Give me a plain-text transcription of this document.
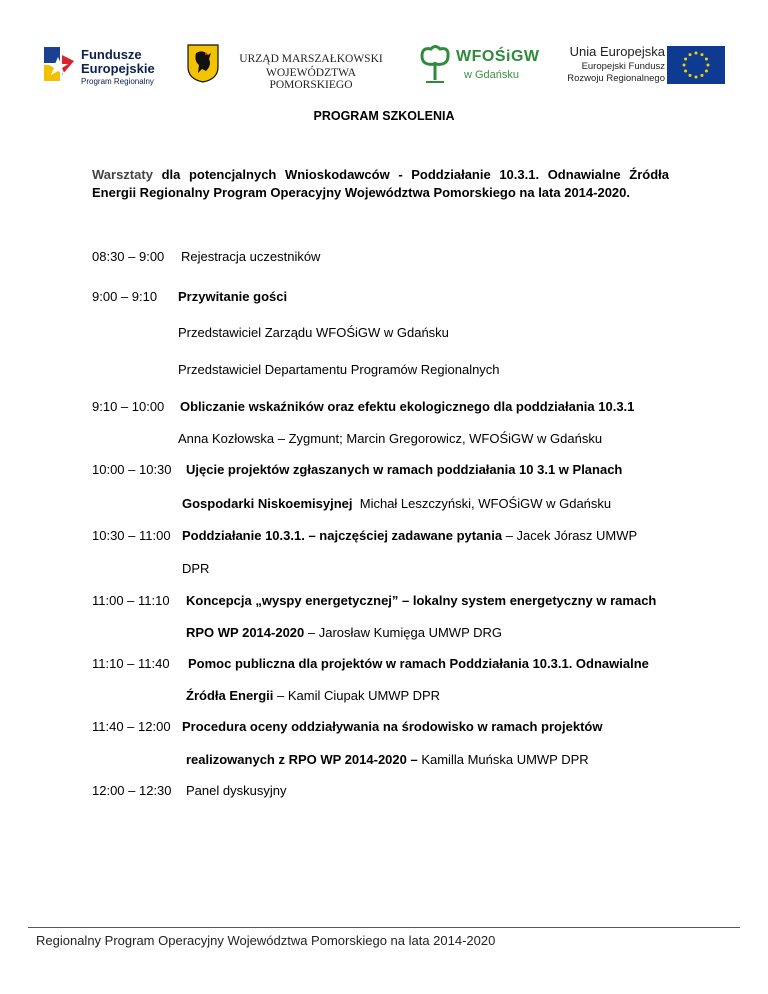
Fundusze
Europejskie
Program Regionalny
URZĄD MARSZAŁKOWSKI
WOJEWÓDZTWA POMORSKIEGO
WFOŚiGW
w Gdańsku
Unia Europejska
Europejski Fundusz
Rozwoju Regionalnego
PROGRAM SZKOLENIA
Warsztaty dla potencjalnych Wnioskodawców - Poddziałanie 10.3.1. Odnawialne Źródła Energii Regionalny Program Operacyjny Województwa Pomorskiego na lata 2014-2020.
08:30 – 9:00 Rejestracja uczestników
9:00 – 9:10 Przywitanie gości
Przedstawiciel Zarządu WFOŚiGW w Gdańsku
Przedstawiciel Departamentu Programów Regionalnych
9:10 – 10:00 Obliczanie wskaźników oraz efektu ekologicznego dla poddziałania 10.3.1
Anna Kozłowska – Zygmunt; Marcin Gregorowicz, WFOŚiGW w Gdańsku
10:00 – 10:30 Ujęcie projektów zgłaszanych w ramach poddziałania 10 3.1 w Planach
Gospodarki Niskoemisyjnej Michał Leszczyński, WFOŚiGW w Gdańsku
10:30 – 11:00 Poddziałanie 10.3.1. – najczęściej zadawane pytania – Jacek Jórasz UMWP
DPR
11:00 – 11:10 Koncepcja „wyspy energetycznej” – lokalny system energetyczny w ramach
RPO WP 2014-2020 – Jarosław Kumięga UMWP DRG
11:10 – 11:40 Pomoc publiczna dla projektów w ramach Poddziałania 10.3.1. Odnawialne
Źródła Energii – Kamil Ciupak UMWP DPR
11:40 – 12:00 Procedura oceny oddziaływania na środowisko w ramach projektów
realizowanych z RPO WP 2014-2020 – Kamilla Muńska UMWP DPR
12:00 – 12:30 Panel dyskusyjny
Regionalny Program Operacyjny Województwa Pomorskiego na lata 2014-2020
